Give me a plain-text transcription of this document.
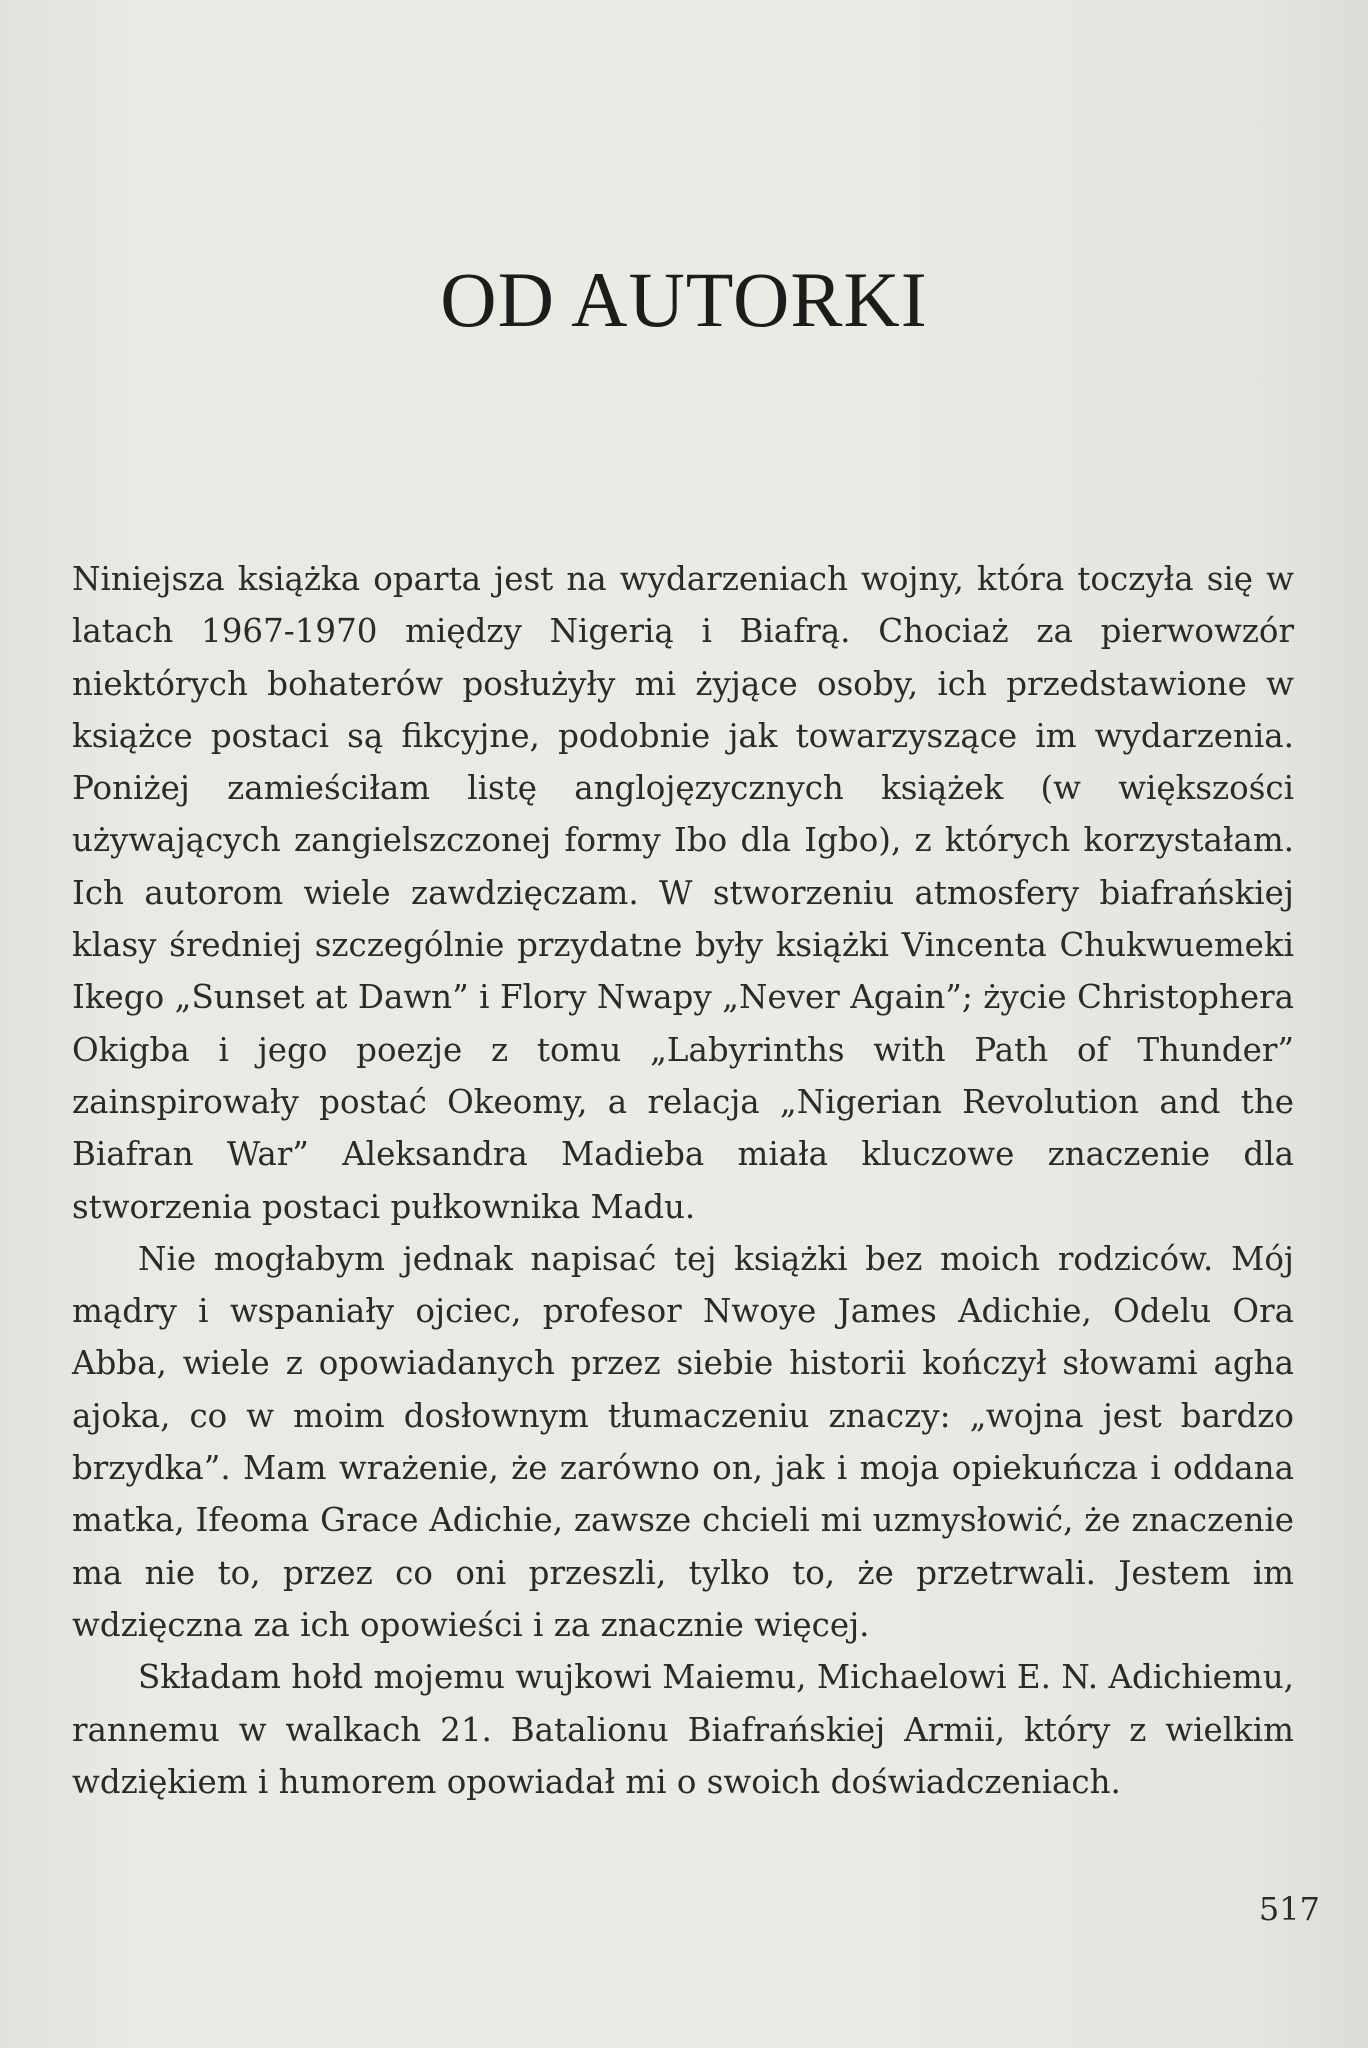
OD AUTORKI

Niniejsza książka oparta jest na wydarzeniach wojny, która toczyła się w latach 1967-1970 między Nigerią i Biafrą. Chociaż za pierwowzór niektórych bohaterów posłużyły mi żyjące osoby, ich przedstawione w książce postaci są fikcyjne, podobnie jak towarzyszące im wydarzenia. Poniżej zamieściłam listę anglojęzycznych książek (w większości używających zangielszczonej formy Ibo dla Igbo), z których korzystałam. Ich autorom wiele zawdzięczam. W stworzeniu atmosfery biafrańskiej klasy średniej szczególnie przydatne były książki Vincenta Chukwuemeki Ikego „Sunset at Dawn” i Flory Nwapy „Never Again”; życie Christophera Okigba i jego poezje z tomu „Labyrinths with Path of Thunder” zainspirowały postać Okeomy, a relacja „Nigerian Revolution and the Biafran War” Aleksandra Madieba miała kluczowe znaczenie dla stworzenia postaci pułkownika Madu.

Nie mogłabym jednak napisać tej książki bez moich rodziców. Mój mądry i wspaniały ojciec, profesor Nwoye James Adichie, Odelu Ora Abba, wiele z opowiadanych przez siebie historii kończył słowami agha ajoka, co w moim dosłownym tłumaczeniu znaczy: „wojna jest bardzo brzydka”. Mam wrażenie, że zarówno on, jak i moja opiekuńcza i oddana matka, Ifeoma Grace Adichie, zawsze chcieli mi uzmysłowić, że znaczenie ma nie to, przez co oni przeszli, tylko to, że przetrwali. Jestem im wdzięczna za ich opowieści i za znacznie więcej.

Składam hołd mojemu wujkowi Maiemu, Michaelowi E. N. Adichiemu, rannemu w walkach 21. Batalionu Biafrańskiej Armii, który z wielkim wdziękiem i humorem opowiadał mi o swoich doświadczeniach.

517
